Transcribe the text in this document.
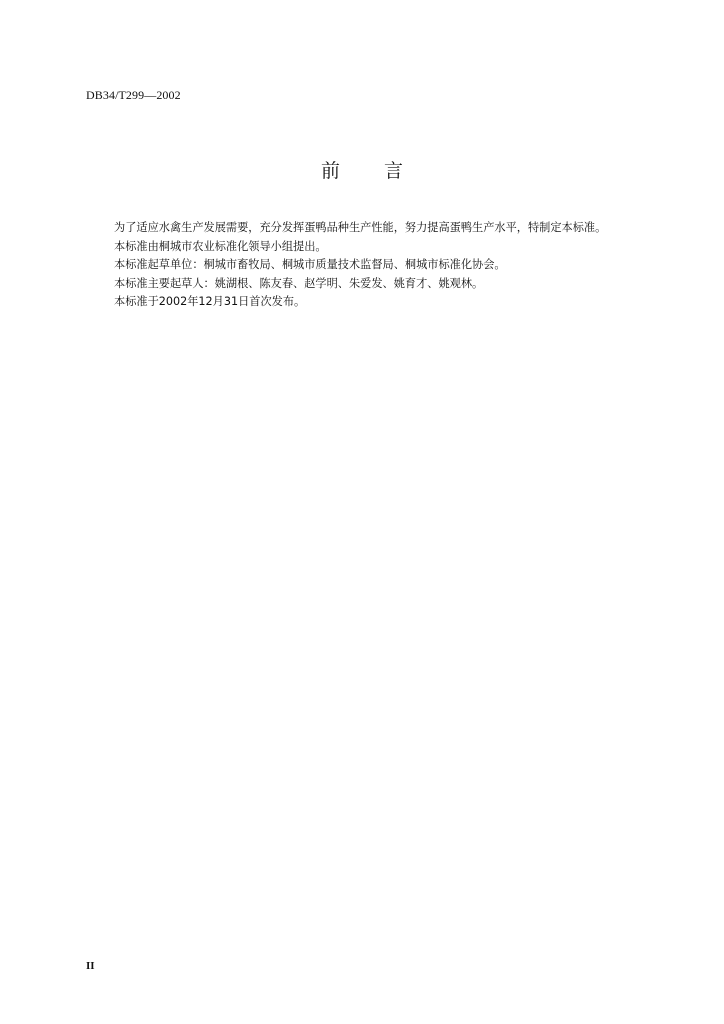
DB34/T299—2002
前 言
为了适应水禽生产发展需要，充分发挥蛋鸭品种生产性能，努力提高蛋鸭生产水平，特制定本标准。
本标准由桐城市农业标准化领导小组提出。
本标准起草单位：桐城市畜牧局、桐城市质量技术监督局、桐城市标准化协会。
本标准主要起草人：姚湖根、陈友春、赵学明、朱爱发、姚育才、姚观林。
本标准于2002年12月31日首次发布。
II
